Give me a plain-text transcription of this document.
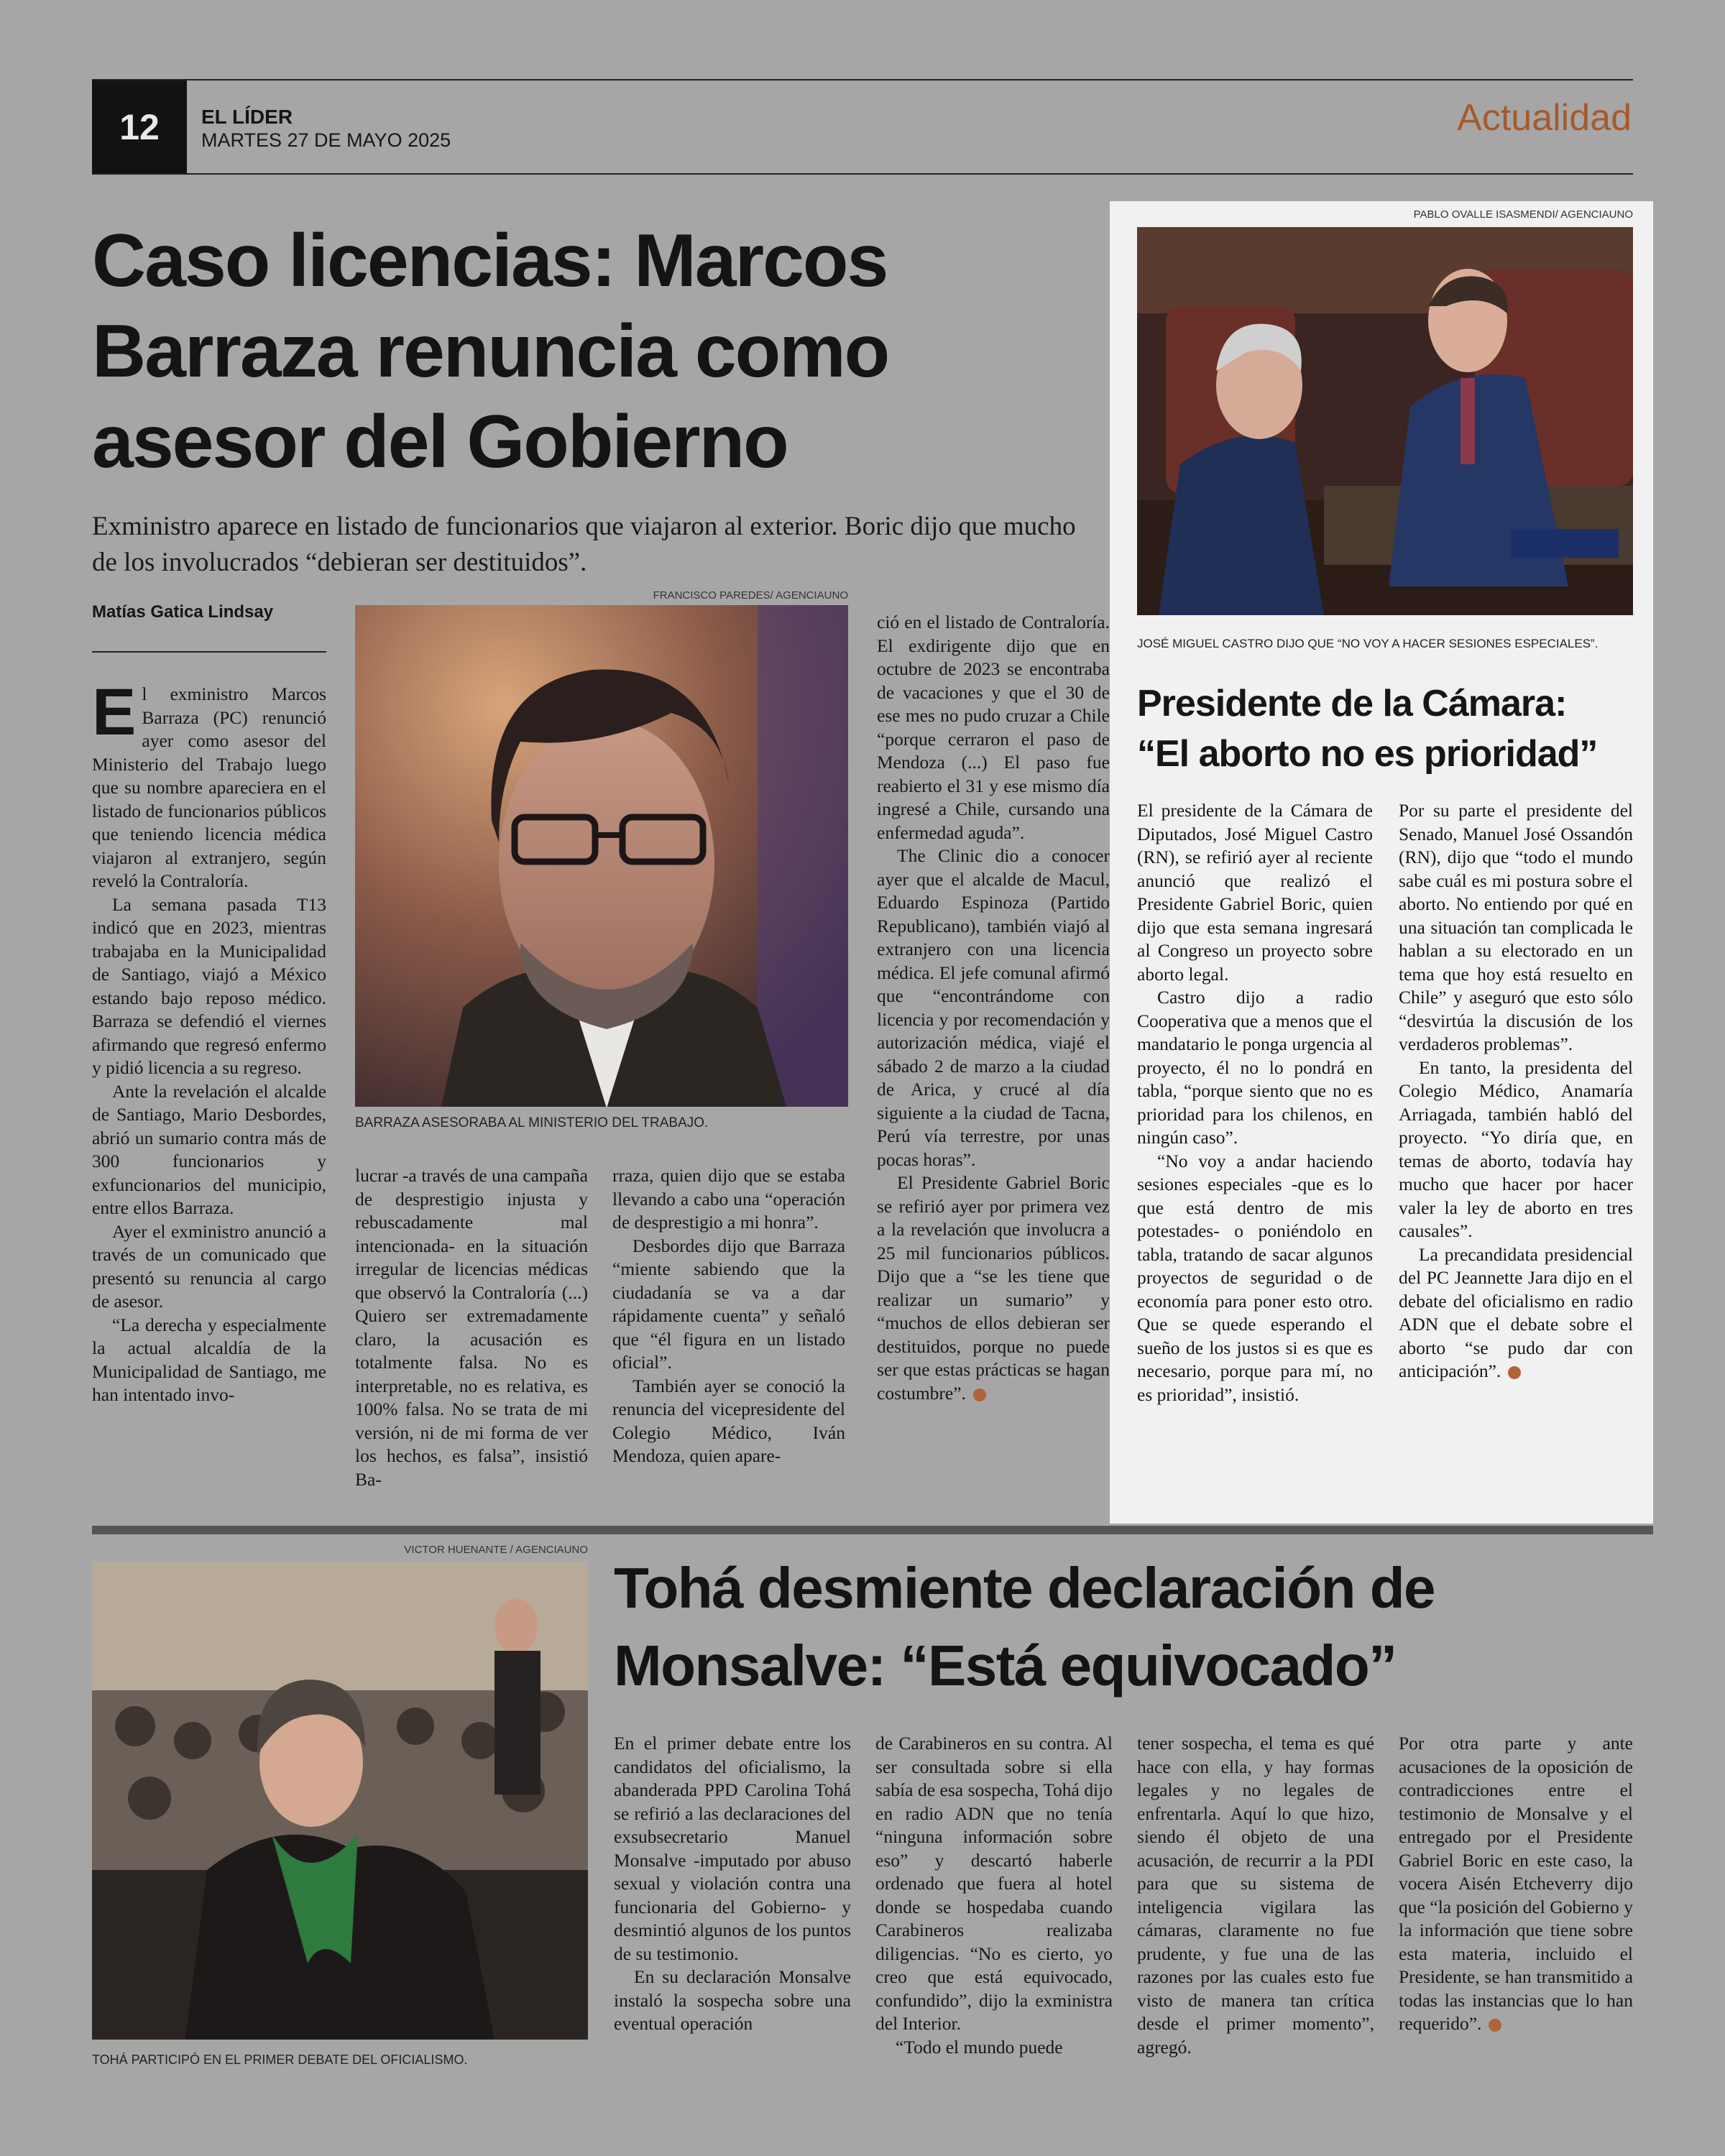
12	EL LÍDER
MARTES 27 DE MAYO 2025
Actualidad
Caso licencias: Marcos
Barraza renuncia como
asesor del Gobierno
Exministro aparece en listado de funcionarios que viajaron al exterior. Boric dijo que mucho de los involucrados “debieran ser destituidos”.
Matías Gatica Lindsay
FRANCISCO PAREDES/ AGENCIAUNO
BARRAZA ASESORABA AL MINISTERIO DEL TRABAJO.

El exministro Marcos Barraza (PC) renunció ayer como asesor del Ministerio del Trabajo luego que su nombre apareciera en el listado de funcionarios públicos que teniendo licencia médica viajaron al extranjero, según reveló la Contraloría.

La semana pasada T13 indicó que en 2023, mientras trabajaba en la Municipalidad de Santiago, viajó a México estando bajo reposo médico. Barraza se defendió el viernes afirmando que regresó enfermo y pidió licencia a su regreso.

Ante la revelación el alcalde de Santiago, Mario Desbordes, abrió un sumario contra más de 300 funcionarios y exfuncionarios del municipio, entre ellos Barraza.

Ayer el exministro anunció a través de un comunicado que presentó su renuncia al cargo de asesor.

“La derecha y especialmente la actual alcaldía de la Municipalidad de Santiago, me han intentado invo-

lucrar -a través de una campaña de desprestigio injusta y rebuscadamente mal intencionada- en la situación irregular de licencias médicas que observó la Contraloría (...) Quiero ser extremadamente claro, la acusación es totalmente falsa. No es interpretable, no es relativa, es 100% falsa. No se trata de mi versión, ni de mi forma de ver los hechos, es falsa”, insistió Ba-

rraza, quien dijo que se estaba llevando a cabo una “operación de desprestigio a mi honra”.

Desbordes dijo que Barraza “miente sabiendo que la ciudadanía se va a dar rápidamente cuenta” y señaló que “él figura en un listado oficial”.

También ayer se conoció la renuncia del vicepresidente del Colegio Médico, Iván Mendoza, quien apare-

ció en el listado de Contraloría. El exdirigente dijo que en octubre de 2023 se encontraba de vacaciones y que el 30 de ese mes no pudo cruzar a Chile “porque cerraron el paso de Mendoza (...) El paso fue reabierto el 31 y ese mismo día ingresé a Chile, cursando una enfermedad aguda”.

The Clinic dio a conocer ayer que el alcalde de Macul, Eduardo Espinoza (Partido Republicano), también viajó al extranjero con una licencia médica. El jefe comunal afirmó que “encontrándome con licencia y por recomendación y autorización médica, viajé el sábado 2 de marzo a la ciudad de Arica, y crucé al día siguiente a la ciudad de Tacna, Perú vía terrestre, por unas pocas horas”.

El Presidente Gabriel Boric se refirió ayer por primera vez a la revelación que involucra a 25 mil funcionarios públicos. Dijo que a “se les tiene que realizar un sumario” y “muchos de ellos debieran ser destituidos, porque no puede ser que estas prácticas se hagan costumbre”.

PABLO OVALLE ISASMENDI/ AGENCIAUNO
JOSÉ MIGUEL CASTRO DIJO QUE “NO VOY A HACER SESIONES ESPECIALES”.
Presidente de la Cámara:
“El aborto no es prioridad”

El presidente de la Cámara de Diputados, José Miguel Castro (RN), se refirió ayer al reciente anunció que realizó el Presidente Gabriel Boric, quien dijo que esta semana ingresará al Congreso un proyecto sobre aborto legal.

Castro dijo a radio Cooperativa que a menos que el mandatario le ponga urgencia al proyecto, él no lo pondrá en tabla, “porque siento que no es prioridad para los chilenos, en ningún caso”.

“No voy a andar haciendo sesiones especiales -que es lo que está dentro de mis potestades- o poniéndolo en tabla, tratando de sacar algunos proyectos de seguridad o de economía para poner esto otro. Que se quede esperando el sueño de los justos si es que es necesario, porque para mí, no es prioridad”, insistió.

Por su parte el presidente del Senado, Manuel José Ossandón (RN), dijo que “todo el mundo sabe cuál es mi postura sobre el aborto. No entiendo por qué en una situación tan complicada le hablan a su electorado en un tema que hoy está resuelto en Chile” y aseguró que esto sólo “desvirtúa la discusión de los verdaderos problemas”.

En tanto, la presidenta del Colegio Médico, Anamaría Arriagada, también habló del proyecto. “Yo diría que, en temas de aborto, todavía hay mucho que hacer por hacer valer la ley de aborto en tres causales”.

La precandidata presidencial del PC Jeannette Jara dijo en el debate del oficialismo en radio ADN que el debate sobre el aborto “se pudo dar con anticipación”.

VICTOR HUENANTE / AGENCIAUNO
TOHÁ PARTICIPÓ EN EL PRIMER DEBATE DEL OFICIALISMO.
Tohá desmiente declaración de
Monsalve: “Está equivocado”

En el primer debate entre los candidatos del oficialismo, la abanderada PPD Carolina Tohá se refirió a las declaraciones del exsubsecretario Manuel Monsalve -imputado por abuso sexual y violación contra una funcionaria del Gobierno- y desmintió algunos de los puntos de su testimonio.

En su declaración Monsalve instaló la sospecha sobre una eventual operación

de Carabineros en su contra. Al ser consultada sobre si ella sabía de esa sospecha, Tohá dijo en radio ADN que no tenía “ninguna información sobre eso” y descartó haberle ordenado que fuera al hotel donde se hospedaba cuando Carabineros realizaba diligencias. “No es cierto, yo creo que está equivocado, confundido”, dijo la exministra del Interior.

“Todo el mundo puede

tener sospecha, el tema es qué hace con ella, y hay formas legales y no legales de enfrentarla. Aquí lo que hizo, siendo él objeto de una acusación, de recurrir a la PDI para que su sistema de inteligencia vigilara las cámaras, claramente no fue prudente, y fue una de las razones por las cuales esto fue visto de manera tan crítica desde el primer momento”, agregó.

Por otra parte y ante acusaciones de la oposición de contradicciones entre el testimonio de Monsalve y el entregado por el Presidente Gabriel Boric en este caso, la vocera Aisén Etcheverry dijo que “la posición del Gobierno y la información que tiene sobre esta materia, incluido el Presidente, se han transmitido a todas las instancias que lo han requerido”.
